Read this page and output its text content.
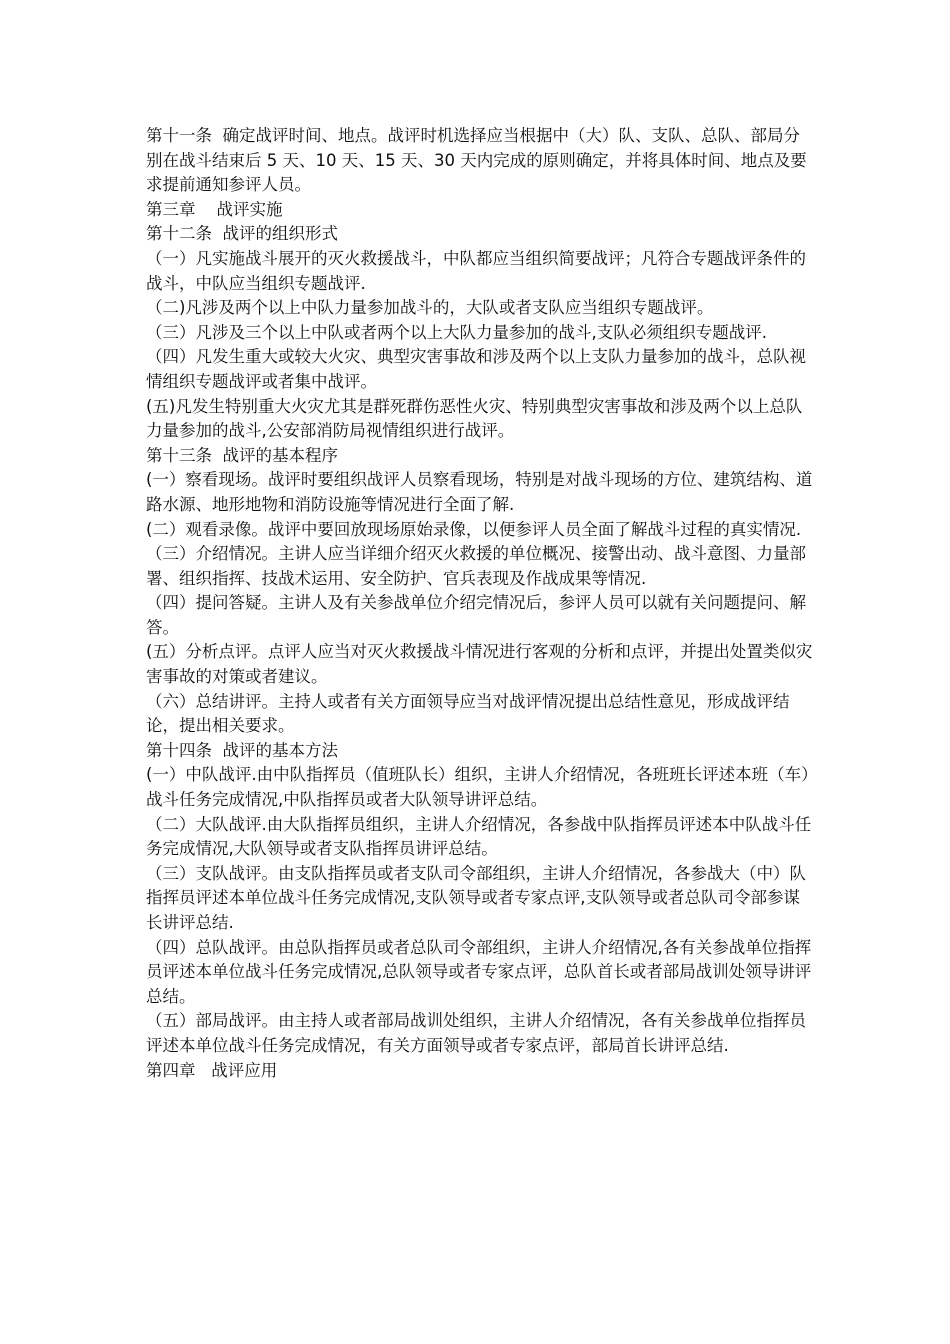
第十一条  确定战评时间、地点。战评时机选择应当根据中（大）队、支队、总队、部局分别在战斗结束后 5 天、10 天、15 天、30 天内完成的原则确定，并将具体时间、地点及要求提前通知参评人员。

第三章    战评实施

第十二条  战评的组织形式

（一）凡实施战斗展开的灭火救援战斗，中队都应当组织简要战评；凡符合专题战评条件的战斗，中队应当组织专题战评.

（二)凡涉及两个以上中队力量参加战斗的，大队或者支队应当组织专题战评。

（三）凡涉及三个以上中队或者两个以上大队力量参加的战斗,支队必须组织专题战评.

（四）凡发生重大或较大火灾、典型灾害事故和涉及两个以上支队力量参加的战斗，总队视情组织专题战评或者集中战评。

(五)凡发生特别重大火灾尤其是群死群伤恶性火灾、特别典型灾害事故和涉及两个以上总队力量参加的战斗,公安部消防局视情组织进行战评。

第十三条  战评的基本程序

(一）察看现场。战评时要组织战评人员察看现场，特别是对战斗现场的方位、建筑结构、道路水源、地形地物和消防设施等情况进行全面了解.

(二）观看录像。战评中要回放现场原始录像，以便参评人员全面了解战斗过程的真实情况.

（三）介绍情况。主讲人应当详细介绍灭火救援的单位概况、接警出动、战斗意图、力量部署、组织指挥、技战术运用、安全防护、官兵表现及作战成果等情况.

（四）提问答疑。主讲人及有关参战单位介绍完情况后，参评人员可以就有关问题提问、解答。

(五）分析点评。点评人应当对灭火救援战斗情况进行客观的分析和点评，并提出处置类似灾害事故的对策或者建议。

（六）总结讲评。主持人或者有关方面领导应当对战评情况提出总结性意见，形成战评结论，提出相关要求。

第十四条  战评的基本方法

(一）中队战评.由中队指挥员（值班队长）组织，主讲人介绍情况，各班班长评述本班（车）战斗任务完成情况,中队指挥员或者大队领导讲评总结。

（二）大队战评.由大队指挥员组织，主讲人介绍情况，各参战中队指挥员评述本中队战斗任务完成情况,大队领导或者支队指挥员讲评总结。

（三）支队战评。由支队指挥员或者支队司令部组织，主讲人介绍情况，各参战大（中）队指挥员评述本单位战斗任务完成情况,支队领导或者专家点评,支队领导或者总队司令部参谋长讲评总结.

（四）总队战评。由总队指挥员或者总队司令部组织，主讲人介绍情况,各有关参战单位指挥员评述本单位战斗任务完成情况,总队领导或者专家点评，总队首长或者部局战训处领导讲评总结。

（五）部局战评。由主持人或者部局战训处组织，主讲人介绍情况，各有关参战单位指挥员评述本单位战斗任务完成情况，有关方面领导或者专家点评，部局首长讲评总结.

第四章   战评应用
